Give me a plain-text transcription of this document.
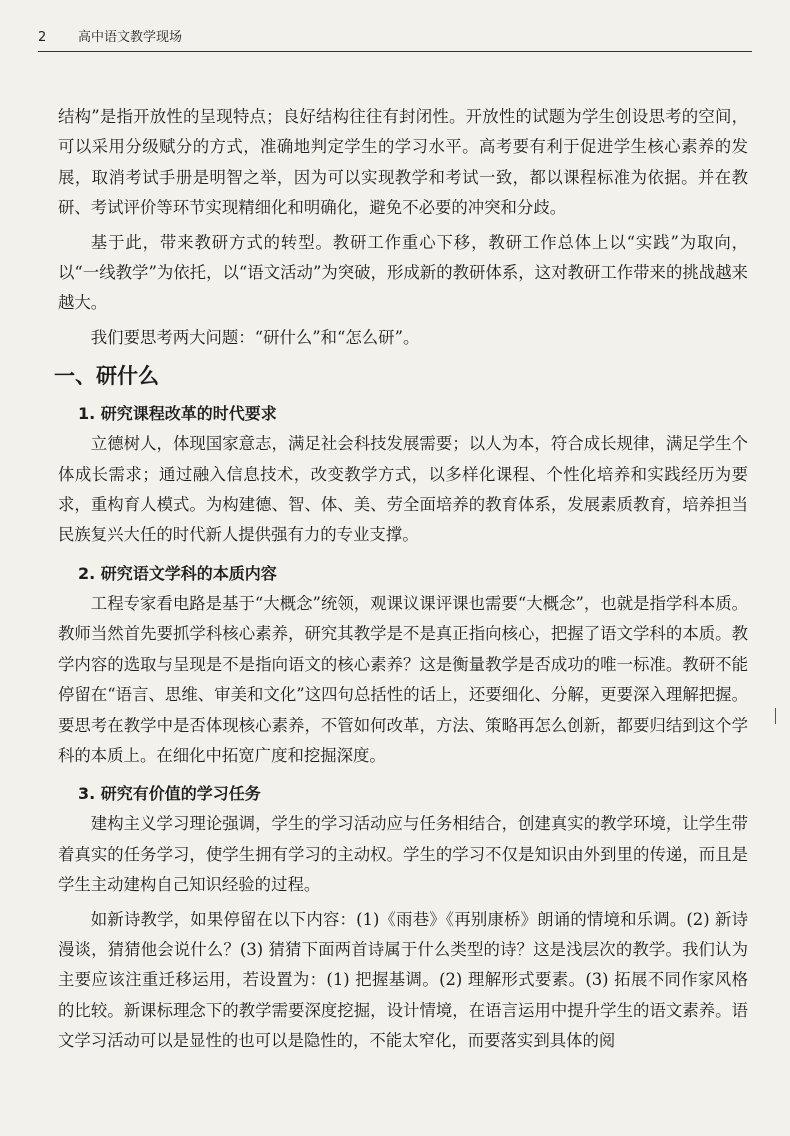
2 高中语文教学现场

结构”是指开放性的呈现特点；良好结构往往有封闭性。开放性的试题为学生创设思考的空间，可以采用分级赋分的方式，准确地判定学生的学习水平。高考要有利于促进学生核心素养的发展，取消考试手册是明智之举，因为可以实现教学和考试一致，都以课程标准为依据。并在教研、考试评价等环节实现精细化和明确化，避免不必要的冲突和分歧。

基于此，带来教研方式的转型。教研工作重心下移，教研工作总体上以“实践”为取向，以“一线教学”为依托，以“语文活动”为突破，形成新的教研体系，这对教研工作带来的挑战越来越大。

我们要思考两大问题：“研什么”和“怎么研”。

一、研什么
1. 研究课程改革的时代要求

立德树人，体现国家意志，满足社会科技发展需要；以人为本，符合成长规律，满足学生个体成长需求；通过融入信息技术，改变教学方式，以多样化课程、个性化培养和实践经历为要求，重构育人模式。为构建德、智、体、美、劳全面培养的教育体系，发展素质教育，培养担当民族复兴大任的时代新人提供强有力的专业支撑。

2. 研究语文学科的本质内容

工程专家看电路是基于“大概念”统领，观课议课评课也需要“大概念”，也就是指学科本质。教师当然首先要抓学科核心素养，研究其教学是不是真正指向核心，把握了语文学科的本质。教学内容的选取与呈现是不是指向语文的核心素养？这是衡量教学是否成功的唯一标准。教研不能停留在“语言、思维、审美和文化”这四句总括性的话上，还要细化、分解，更要深入理解把握。要思考在教学中是否体现核心素养，不管如何改革，方法、策略再怎么创新，都要归结到这个学科的本质上。在细化中拓宽广度和挖掘深度。

3. 研究有价值的学习任务

建构主义学习理论强调，学生的学习活动应与任务相结合，创建真实的教学环境，让学生带着真实的任务学习，使学生拥有学习的主动权。学生的学习不仅是知识由外到里的传递，而且是学生主动建构自己知识经验的过程。

如新诗教学，如果停留在以下内容：(1)《雨巷》《再别康桥》朗诵的情境和乐调。(2) 新诗漫谈，猜猜他会说什么？(3) 猜猜下面两首诗属于什么类型的诗？这是浅层次的教学。我们认为主要应该注重迁移运用，若设置为：(1) 把握基调。(2) 理解形式要素。(3) 拓展不同作家风格的比较。新课标理念下的教学需要深度挖掘，设计情境，在语言运用中提升学生的语文素养。语文学习活动可以是显性的也可以是隐性的，不能太窄化，而要落实到具体的阅
